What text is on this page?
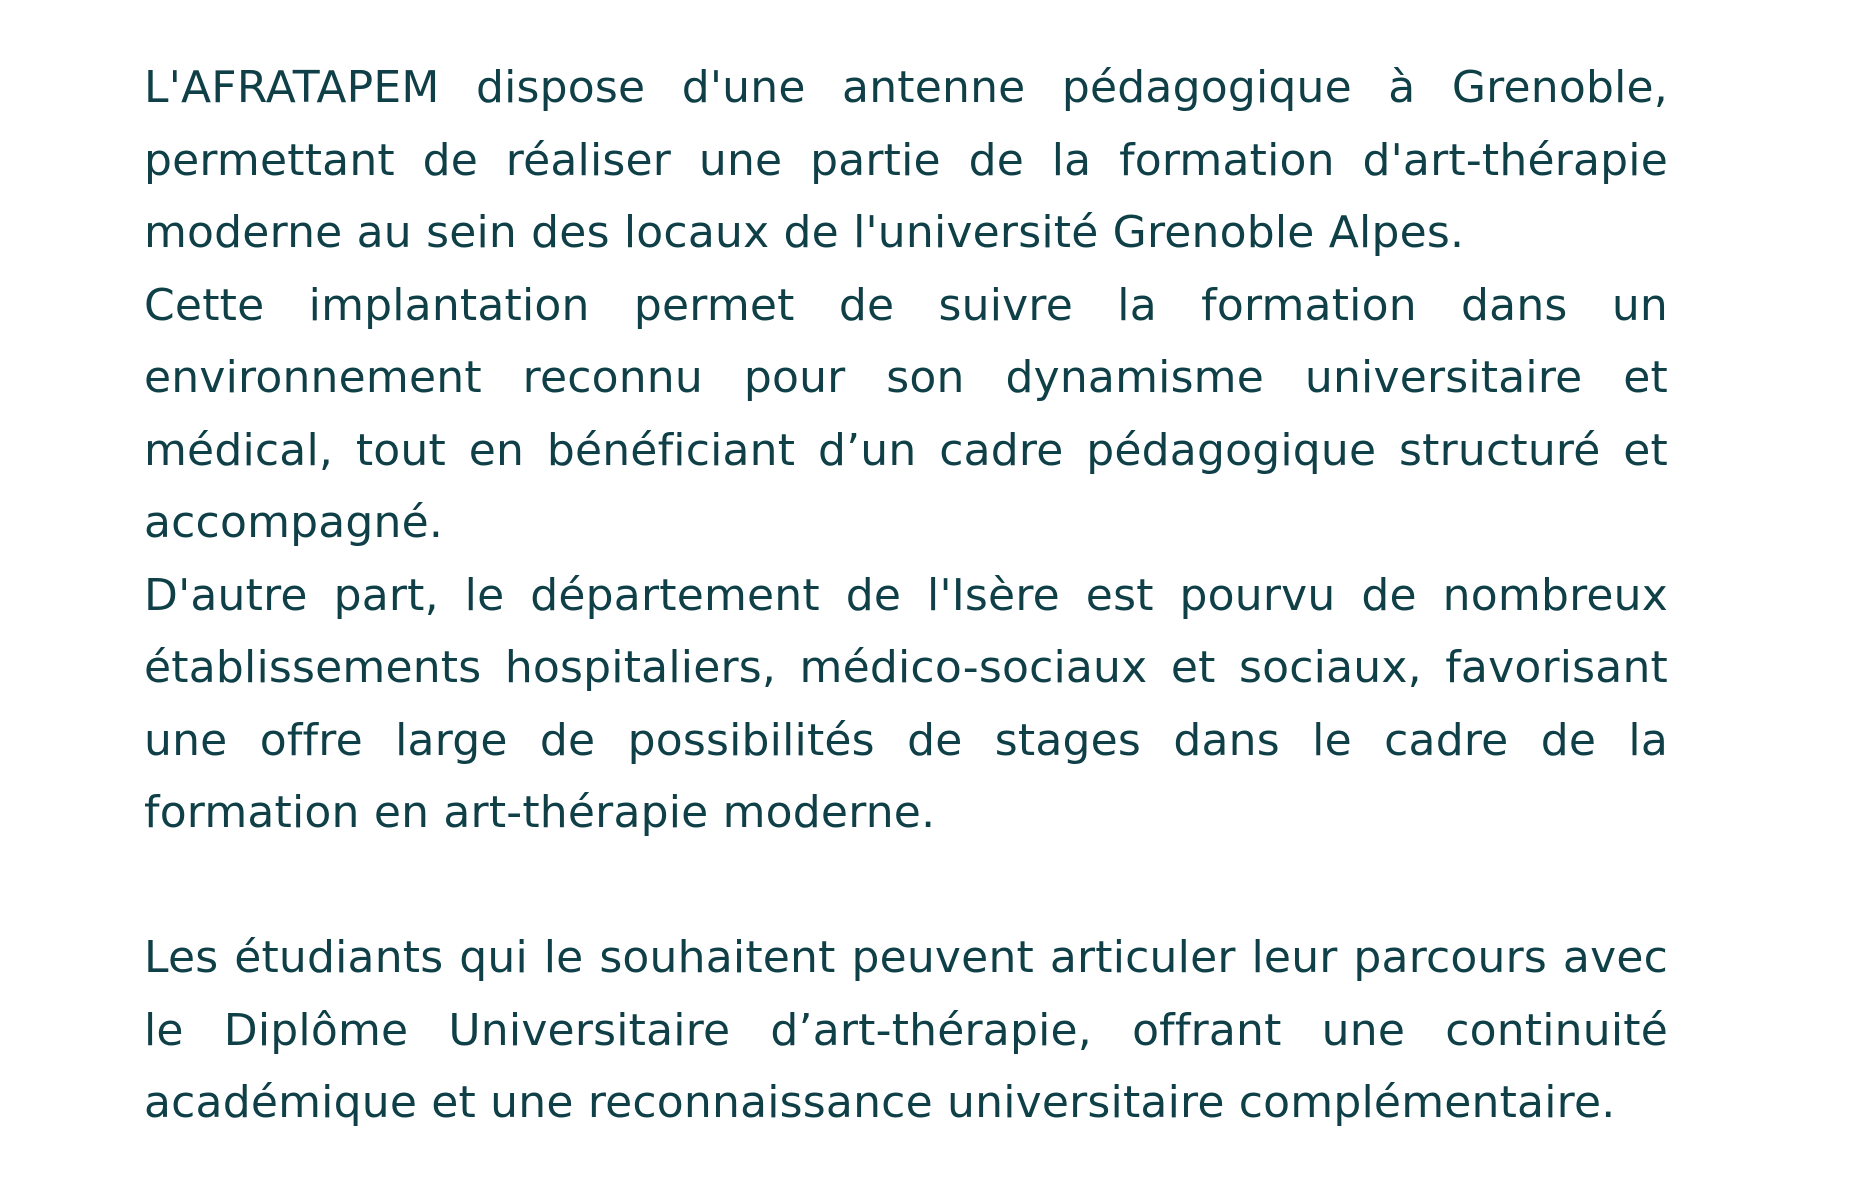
L'AFRATAPEM dispose d'une antenne pédagogique à Grenoble, permettant de réaliser une partie de la formation d'art-thérapie moderne au sein des locaux de l'université Grenoble Alpes.

Cette implantation permet de suivre la formation dans un environnement reconnu pour son dynamisme universitaire et médical, tout en bénéficiant d’un cadre pédagogique structuré et accompagné.

D'autre part, le département de l'Isère est pourvu de nombreux établissements hospitaliers, médico-sociaux et sociaux, favorisant une offre large de possibilités de stages dans le cadre de la formation en art-thérapie moderne.

Les étudiants qui le souhaitent peuvent articuler leur parcours avec le Diplôme Universitaire d’art-thérapie, offrant une continuité académique et une reconnaissance universitaire complémentaire.
